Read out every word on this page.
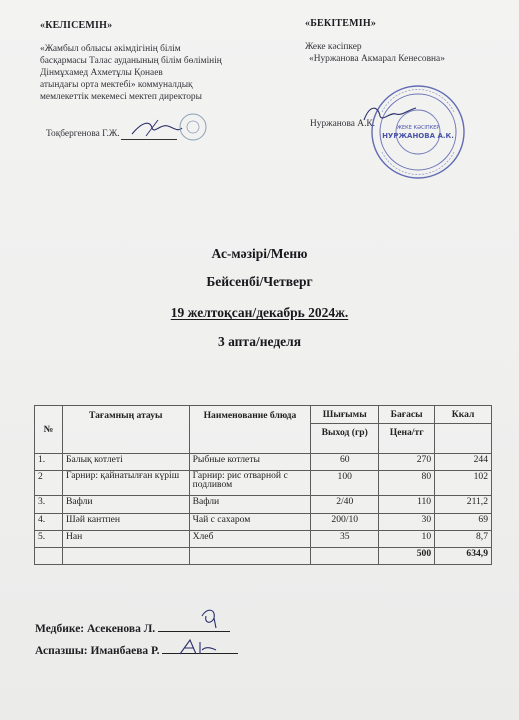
«КЕЛІСЕМІН»
«Жамбыл облысы әкімдігінің білім
басқармасы Талас ауданының білім бөлімінің
Дінмұхамед Ахметұлы Қонаев
атындағы орта мектебі» коммуналдық
мемлекеттік мекемесі мектеп директоры
Тоқбергенова Г.Ж.
«БЕКІТЕМІН»
Жеке кәсіпкер
«Нуржанова Акмарал Кенесовна»
Нуржанова А.К.	ЖЕКЕ КӘСІПКЕР
НУРЖАНОВА А.К.
Ас-мәзірі/Меню
Бейсенбі/Четверг
19 желтоқсан/декабрь 2024ж.
3 апта/неделя
№	Тағамның атауы	Наименование блюда	Шығымы	Бағасы	Ккал
			Выход (гр)	Цена/тг	
1.	Балық котлеті	Рыбные котлеты	60	270	244
2	Гарнир: қайнатылған күріш	Гарнир: рис отварной с подливом	100	80	102
3.	Вафли	Вафли	2/40	110	211,2
4.	Шәй кантпен	Чай с сахаром	200/10	30	69
5.	Нан	Хлеб	35	10	8,7
				500	634,9
Медбике: Асекенова Л.
Аспазшы: Иманбаева Р.
